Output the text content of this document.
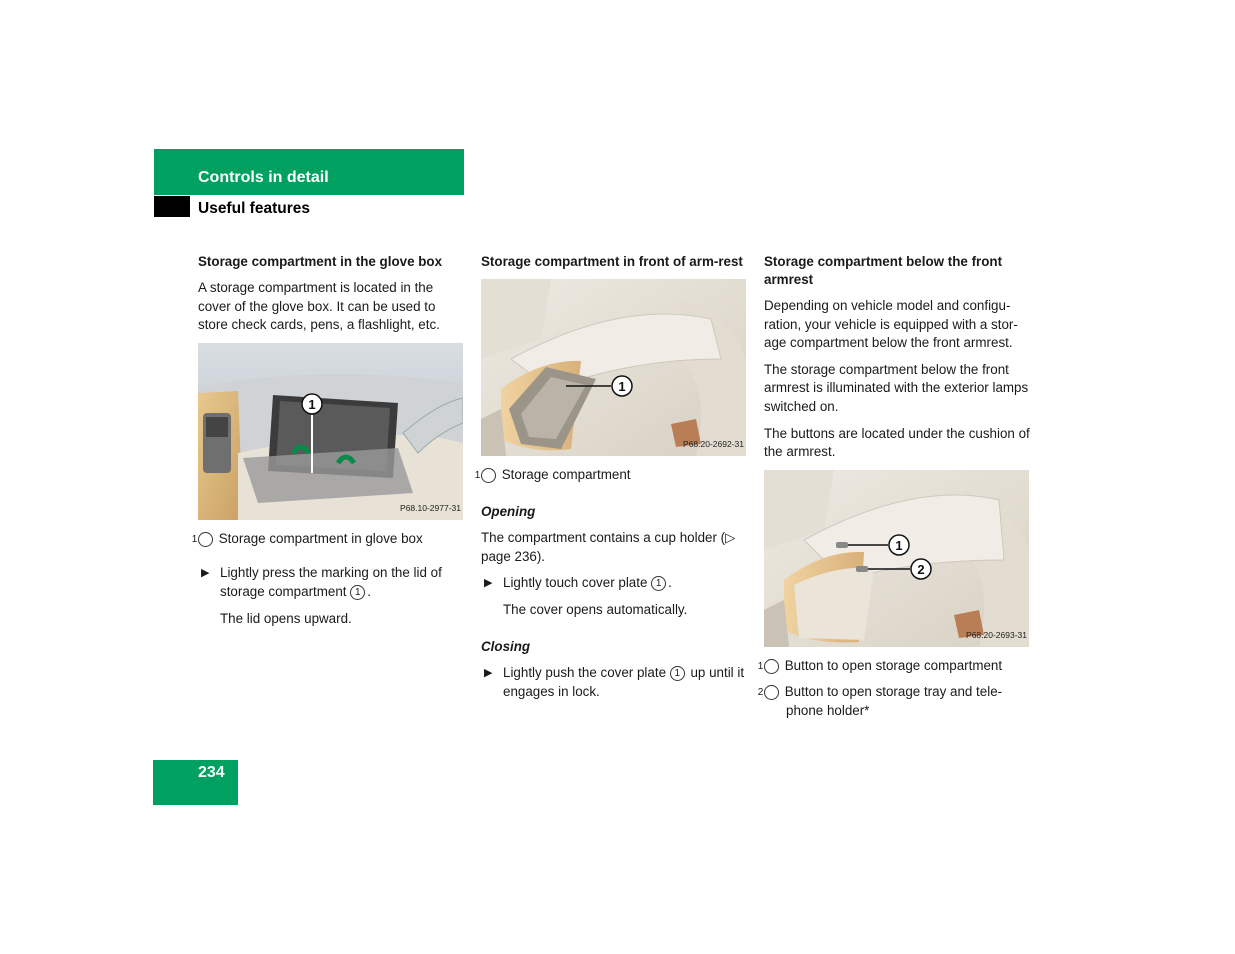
Controls in detail
Useful features
Storage compartment in the glove box

A storage compartment is located in the cover of the glove box. It can be used to store check cards, pens, a flashlight, etc.

1
P68.10-2977-31

1 Storage compartment in glove box

▶ Lightly press the marking on the lid of storage compartment 1 .

The lid opens upward.

Storage compartment in front of arm-rest
1
P68.20-2692-31

1 Storage compartment

Opening

The compartment contains a cup holder (▷ page 236).

▶ Lightly touch cover plate 1 .

The cover opens automatically.

Closing

▶ Lightly push the cover plate 1 up until it engages in lock.
Storage compartment below the front armrest

Depending on vehicle model and configu-ration, your vehicle is equipped with a stor-age compartment below the front armrest.

The storage compartment below the front armrest is illuminated with the exterior lamps switched on.

The buttons are located under the cushion of the armrest.

1
2
P68.20-2693-31

1 Button to open storage compartment

2 Button to open storage tray and tele-phone holder*

234
